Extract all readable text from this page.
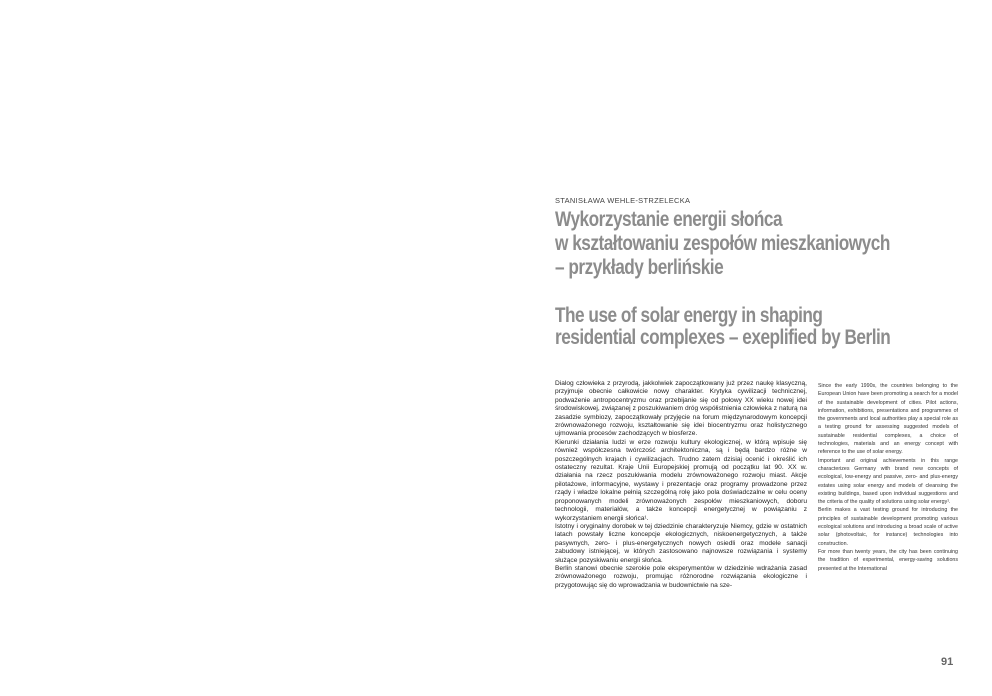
STANISŁAWA WEHLE-STRZELECKA
Wykorzystanie energii słońca
w kształtowaniu zespołów mieszkaniowych
– przykłady berlińskie
The use of solar energy in shaping
residential complexes – exeplified by Berlin

Dialog człowieka z przyrodą, jakkolwiek zapoczątkowany już przez naukę klasyczną, przyjmuje obecnie całkowicie nowy charakter. Krytyka cywilizacji technicznej, podważenie antropocentryzmu oraz przebijanie się od połowy XX wieku nowej idei środowiskowej, związanej z poszukiwaniem dróg współistnienia człowieka z naturą na zasadzie symbiozy, zapoczątkowały przyjęcie na forum międzynarodowym koncepcji zrównoważonego rozwoju, kształtowanie się idei biocentryzmu oraz holistycznego ujmowania procesów zachodzących w biosferze.

Kierunki działania ludzi w erze rozwoju kultury ekologicznej, w którą wpisuje się również współczesna twórczość architektoniczna, są i będą bardzo różne w poszczególnych krajach i cywilizacjach. Trudno zatem dzisiaj ocenić i określić ich ostateczny rezultat. Kraje Unii Europejskiej promują od początku lat 90. XX w. działania na rzecz poszukiwania modelu zrównoważonego rozwoju miast. Akcje pilotażowe, informacyjne, wystawy i prezentacje oraz programy prowadzone przez rządy i władze lokalne pełnią szczególną rolę jako pola doświadczalne w celu oceny proponowanych modeli zrównoważonych zespołów mieszkaniowych, doboru technologii, materiałów, a także koncepcji energetycznej w powiązaniu z wykorzystaniem energii słońca¹.

Istotny i oryginalny dorobek w tej dziedzinie charakteryzuje Niemcy, gdzie w ostatnich latach powstały liczne koncepcje ekologicznych, niskoenergetycznych, a także pasywnych, zero- i plus-energetycznych nowych osiedli oraz modele sanacji zabudowy istniejącej, w których zastosowano najnowsze rozwiązania i systemy służące pozyskiwaniu energii słońca.

Berlin stanowi obecnie szerokie pole eksperymentów w dziedzinie wdrażania zasad zrównoważonego rozwoju, promując różnorodne rozwiązania ekologiczne i przygotowując się do wprowadzania w budownictwie na sze-

Since the early 1990s, the countries belonging to the European Union have been promoting a search for a model of the sustainable development of cities. Pilot actions, information, exhibitions, presentations and programmes of the governments and local authorities play a special role as a testing ground for assessing suggested models of sustainable residential complexes, a choice of technologies, materials and an energy concept with reference to the use of solar energy.

Important and original achievements in this range characterizes Germany with brand new concepts of ecological, low-energy and passive, zero- and plus-energy estates using solar energy and models of cleansing the existing buildings, based upon individual suggestions and the criteria of the quality of solutions using solar energy¹.

Berlin makes a vast testing ground for introducing the principles of sustainable development promoting various ecological solutions and introducing a broad scale of active solar (photovoltaic, for instance) technologies into construction.

For more than twenty years, the city has been continuing the tradition of experimental, energy-saving solutions presented at the International

91
